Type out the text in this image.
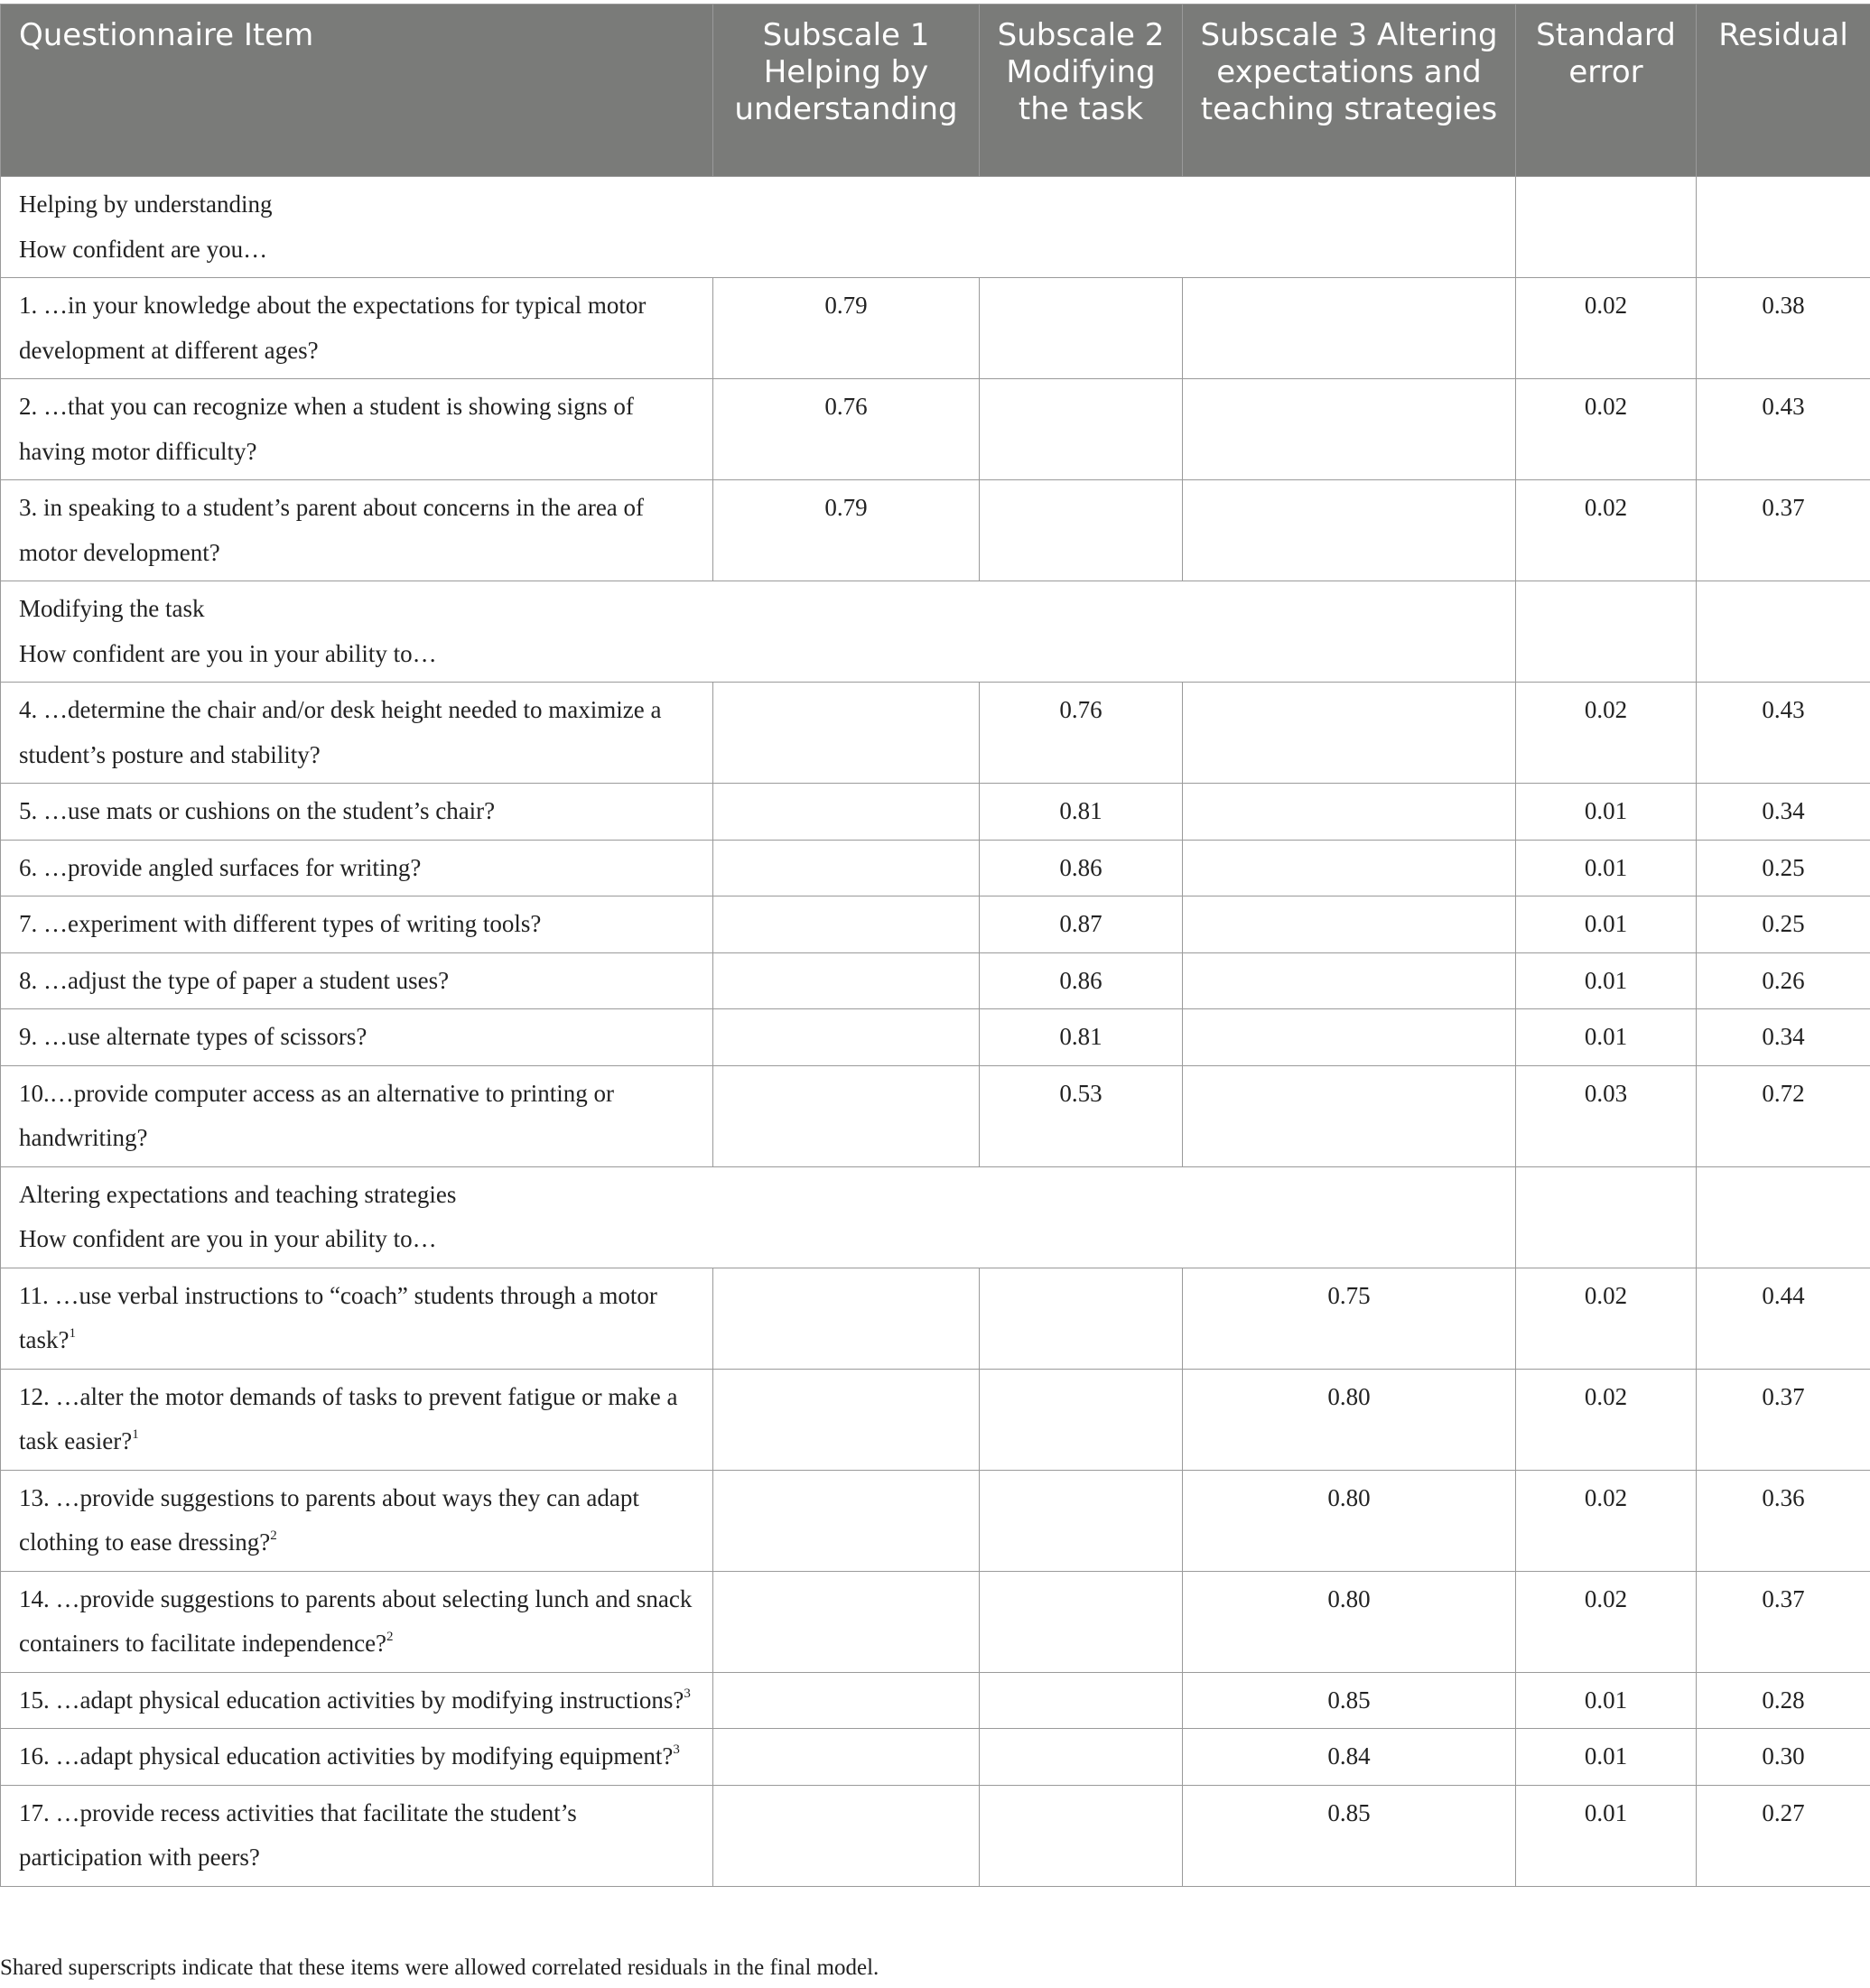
Questionnaire Item	Subscale 1 Helping by understanding	Subscale 2 Modifying the task	Subscale 3 Altering expectations and teaching strategies	Standard error	Residual

Helping by understanding
How confident are you…					

1. …in your knowledge about the expectations for typical motor development at different ages?	0.79			0.02	0.38
2. …that you can recognize when a student is showing signs of having motor difficulty?	0.76			0.02	0.43
3. in speaking to a student’s parent about concerns in the area of motor development?	0.79			0.02	0.37

Modifying the task
How confident are you in your ability to…					

4. …determine the chair and/or desk height needed to maximize a student’s posture and stability?		0.76		0.02	0.43
5. …use mats or cushions on the student’s chair?		0.81		0.01	0.34
6. …provide angled surfaces for writing?		0.86		0.01	0.25
7. …experiment with different types of writing tools?		0.87		0.01	0.25
8. …adjust the type of paper a student uses?		0.86		0.01	0.26
9. …use alternate types of scissors?		0.81		0.01	0.34
10.…provide computer access as an alternative to printing or handwriting?		0.53		0.03	0.72

Altering expectations and teaching strategies
How confident are you in your ability to…					

11. …use verbal instructions to “coach” students through a motor task?$^1$			0.75	0.02	0.44
12. …alter the motor demands of tasks to prevent fatigue or make a task easier?$^1$			0.80	0.02	0.37
13. …provide suggestions to parents about ways they can adapt clothing to ease dressing?$^2$			0.80	0.02	0.36
14. …provide suggestions to parents about selecting lunch and snack containers to facilitate independence?$^2$			0.80	0.02	0.37
15. …adapt physical education activities by modifying instructions?$^3$			0.85	0.01	0.28
16. …adapt physical education activities by modifying equipment?$^3$			0.84	0.01	0.30
17. …provide recess activities that facilitate the student’s participation with peers?			0.85	0.01	0.27
Shared superscripts indicate that these items were allowed correlated residuals in the final model.
